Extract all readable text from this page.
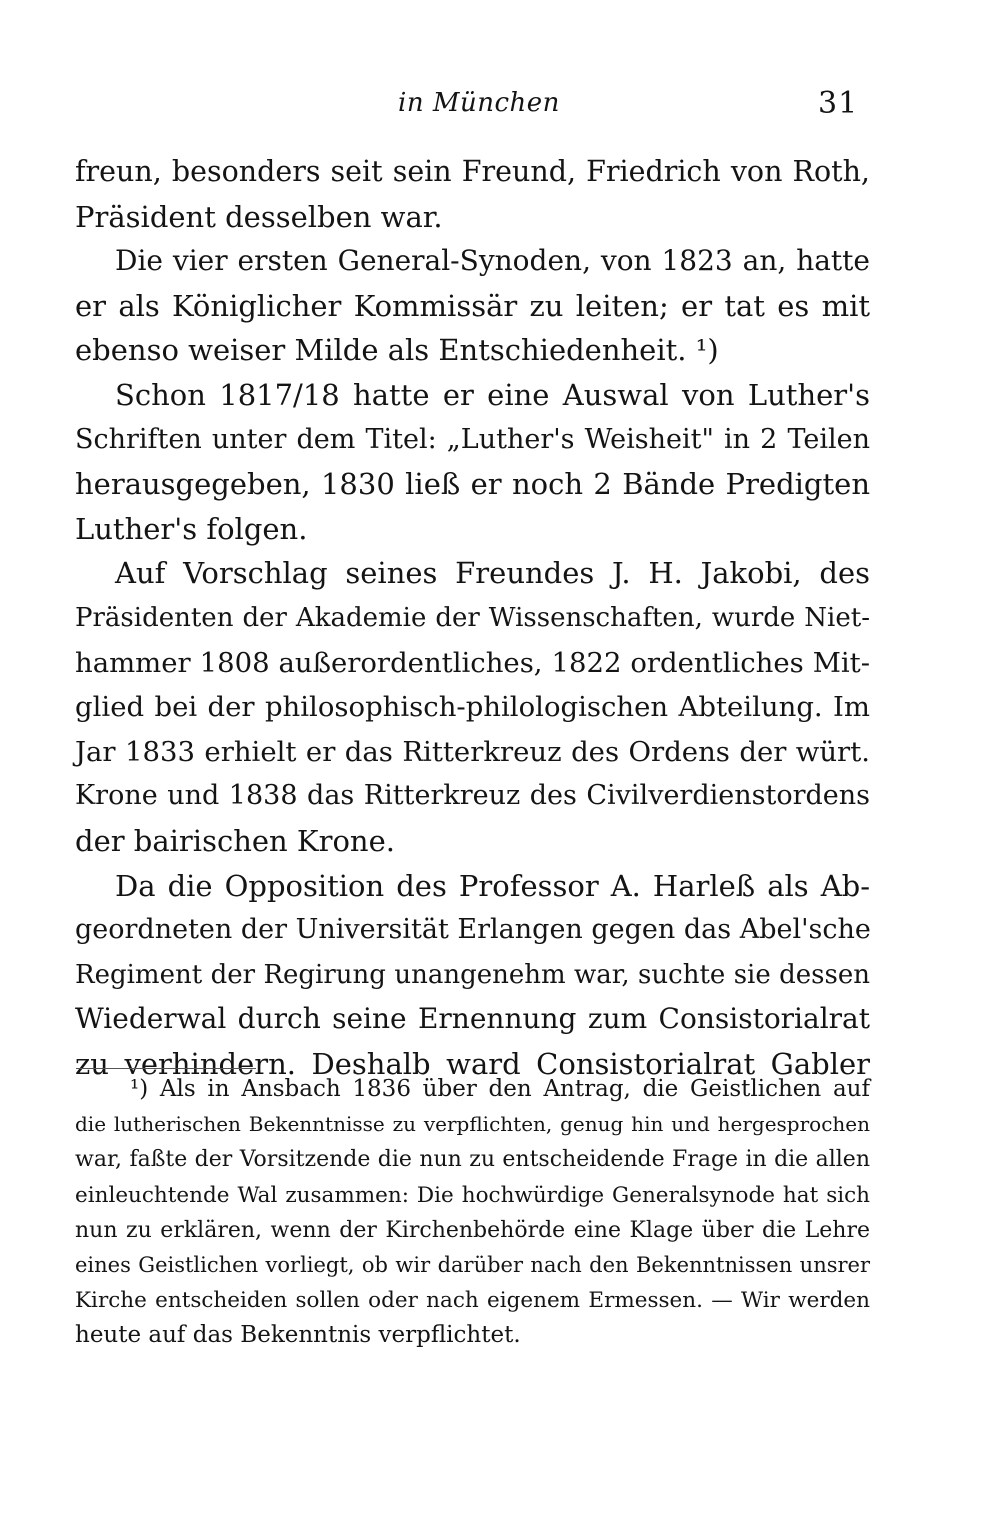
in München	31
freun, besonders seit sein Freund, Friedrich von Roth,
Präsident desselben war.
Die vier ersten General-Synoden, von 1823 an, hatte
er als Königlicher Kommissär zu leiten; er tat es mit
ebenso weiser Milde als Entschiedenheit. ¹)
Schon 1817/18 hatte er eine Auswal von Luther's
Schriften unter dem Titel: „Luther's Weisheit" in 2 Teilen
herausgegeben, 1830 ließ er noch 2 Bände Predigten
Luther's folgen.
Auf Vorschlag seines Freundes J. H. Jakobi, des
Präsidenten der Akademie der Wissenschaften, wurde Niet-
hammer 1808 außerordentliches, 1822 ordentliches Mit-
glied bei der philosophisch-philologischen Abteilung. Im
Jar 1833 erhielt er das Ritterkreuz des Ordens der würt.
Krone und 1838 das Ritterkreuz des Civilverdienstordens
der bairischen Krone.
Da die Opposition des Professor A. Harleß als Ab-
geordneten der Universität Erlangen gegen das Abel'sche
Regiment der Regirung unangenehm war, suchte sie dessen
Wiederwal durch seine Ernennung zum Consistorialrat
zu verhindern. Deshalb ward Consistorialrat Gabler
¹) Als in Ansbach 1836 über den Antrag, die Geistlichen auf
die lutherischen Bekenntnisse zu verpflichten, genug hin und hergesprochen
war, faßte der Vorsitzende die nun zu entscheidende Frage in die allen
einleuchtende Wal zusammen: Die hochwürdige Generalsynode hat sich
nun zu erklären, wenn der Kirchenbehörde eine Klage über die Lehre
eines Geistlichen vorliegt, ob wir darüber nach den Bekenntnissen unsrer
Kirche entscheiden sollen oder nach eigenem Ermessen. — Wir werden
heute auf das Bekenntnis verpflichtet.
